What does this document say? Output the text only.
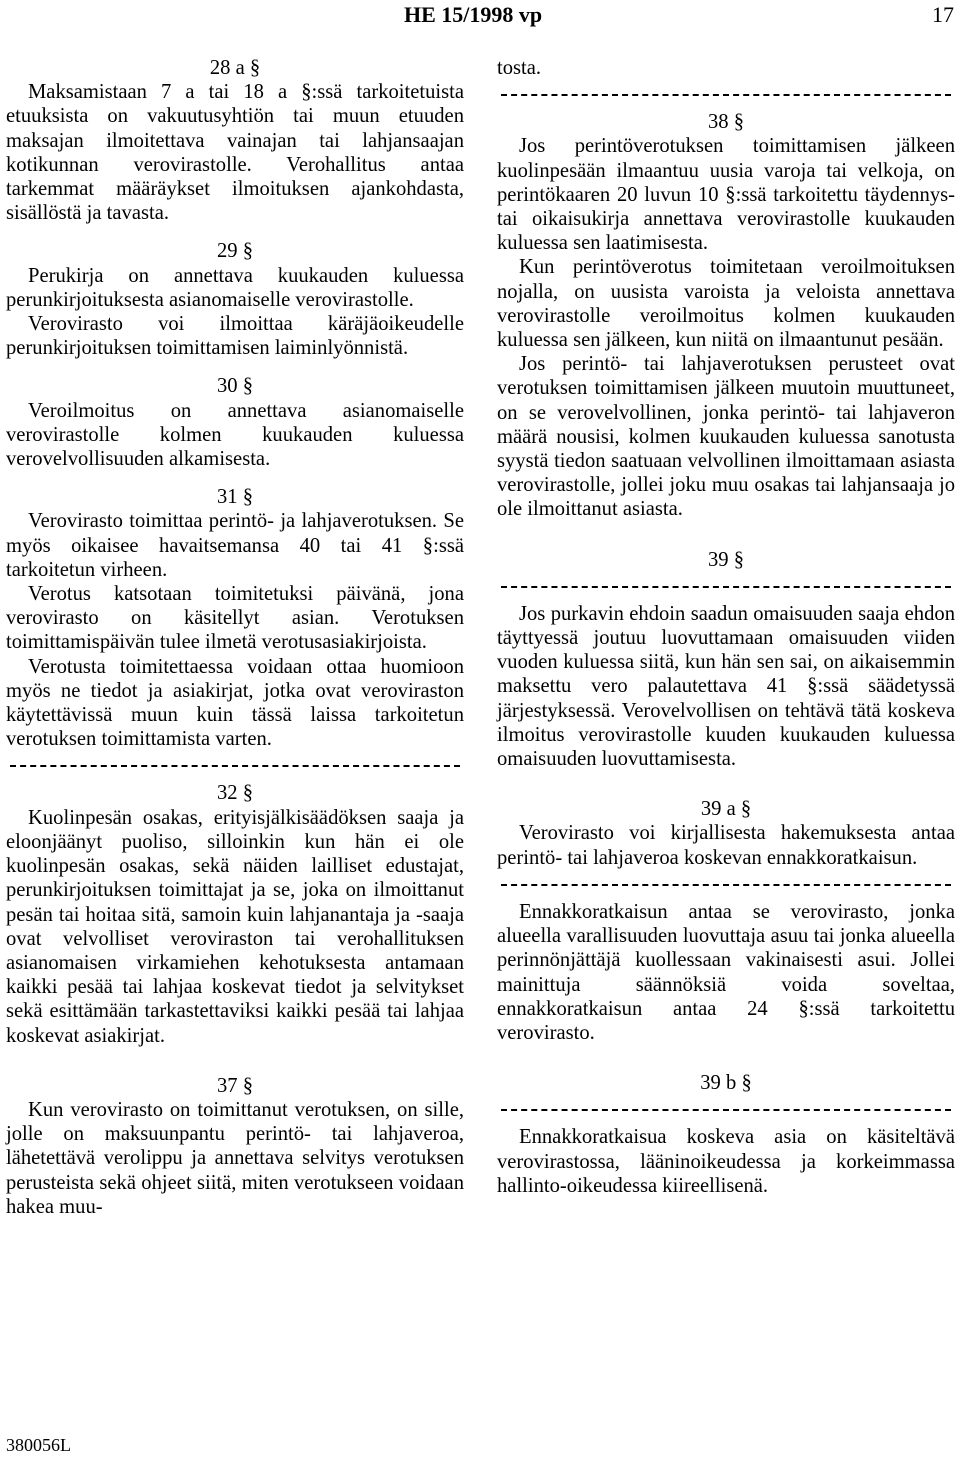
HE 15/1998 vp	17
28 a §
Maksamistaan 7 a tai 18 a §:ssä tarkoitetuista etuuksista on vakuutusyhtiön tai muun etuuden maksajan ilmoitettava vainajan tai lahjansaajan kotikunnan verovirastolle. Verohallitus antaa tarkemmat määräykset ilmoituksen ajankohdasta, sisällöstä ja tavasta.
29 §
Perukirja on annettava kuukauden kuluessa perunkirjoituksesta asianomaiselle verovirastolle.
Verovirasto voi ilmoittaa käräjäoikeudelle perunkirjoituksen toimittamisen laiminlyönnistä.
30 §
Veroilmoitus on annettava asianomaiselle verovirastolle kolmen kuukauden kuluessa verovelvollisuuden alkamisesta.
31 §
Verovirasto toimittaa perintö- ja lahjaverotuksen. Se myös oikaisee havaitsemansa 40 tai 41 §:ssä tarkoitetun virheen.
Verotus katsotaan toimitetuksi päivänä, jona verovirasto on käsitellyt asian. Verotuksen toimittamispäivän tulee ilmetä verotusasiakirjoista.
Verotusta toimitettaessa voidaan ottaa huomioon myös ne tiedot ja asiakirjat, jotka ovat veroviraston käytettävissä muun kuin tässä laissa tarkoitetun verotuksen toimittamista varten.
32 §
Kuolinpesän osakas, erityisjälkisäädöksen saaja ja eloonjäänyt puoliso, silloinkin kun hän ei ole kuolinpesän osakas, sekä näiden lailliset edustajat, perunkirjoituksen toimittajat ja se, joka on ilmoittanut pesän tai hoitaa sitä, samoin kuin lahjanantaja ja -saaja ovat velvolliset veroviraston tai verohallituksen asianomaisen virkamiehen kehotuksesta antamaan kaikki pesää tai lahjaa koskevat tiedot ja selvitykset sekä esittämään tarkastettaviksi kaikki pesää tai lahjaa koskevat asiakirjat.
37 §
Kun verovirasto on toimittanut verotuksen, on sille, jolle on maksuunpantu perintö- tai lahjaveroa, lähetettävä verolippu ja annettava selvitys verotuksen perusteista sekä ohjeet siitä, miten verotukseen voidaan hakea muu-
tosta.
38 §
Jos perintöverotuksen toimittamisen jälkeen kuolinpesään ilmaantuu uusia varoja tai velkoja, on perintökaaren 20 luvun 10 §:ssä tarkoitettu täydennys- tai oikaisukirja annettava verovirastolle kuukauden kuluessa sen laatimisesta.
Kun perintöverotus toimitetaan veroilmoituksen nojalla, on uusista varoista ja veloista annettava verovirastolle veroilmoitus kolmen kuukauden kuluessa sen jälkeen, kun niitä on ilmaantunut pesään.
Jos perintö- tai lahjaverotuksen perusteet ovat verotuksen toimittamisen jälkeen muutoin muuttuneet, on se verovelvollinen, jonka perintö- tai lahjaveron määrä nousisi, kolmen kuukauden kuluessa sanotusta syystä tiedon saatuaan velvollinen ilmoittamaan asiasta verovirastolle, jollei joku muu osakas tai lahjansaaja jo ole ilmoittanut asiasta.
39 §
Jos purkavin ehdoin saadun omaisuuden saaja ehdon täyttyessä joutuu luovuttamaan omaisuuden viiden vuoden kuluessa siitä, kun hän sen sai, on aikaisemmin maksettu vero palautettava 41 §:ssä säädetyssä järjestyksessä. Verovelvollisen on tehtävä tätä koskeva ilmoitus verovirastolle kuuden kuukauden kuluessa omaisuuden luovuttamisesta.
39 a §
Verovirasto voi kirjallisesta hakemuksesta antaa perintö- tai lahjaveroa koskevan ennakkoratkaisun.
Ennakkoratkaisun antaa se verovirasto, jonka alueella varallisuuden luovuttaja asuu tai jonka alueella perinnönjättäjä kuollessaan vakinaisesti asui. Jollei mainittuja säännöksiä voida soveltaa, ennakkoratkaisun antaa 24 §:ssä tarkoitettu verovirasto.
39 b §
Ennakkoratkaisua koskeva asia on käsiteltävä verovirastossa, lääninoikeudessa ja korkeimmassa hallinto-oikeudessa kiireellisenä.
380056L
